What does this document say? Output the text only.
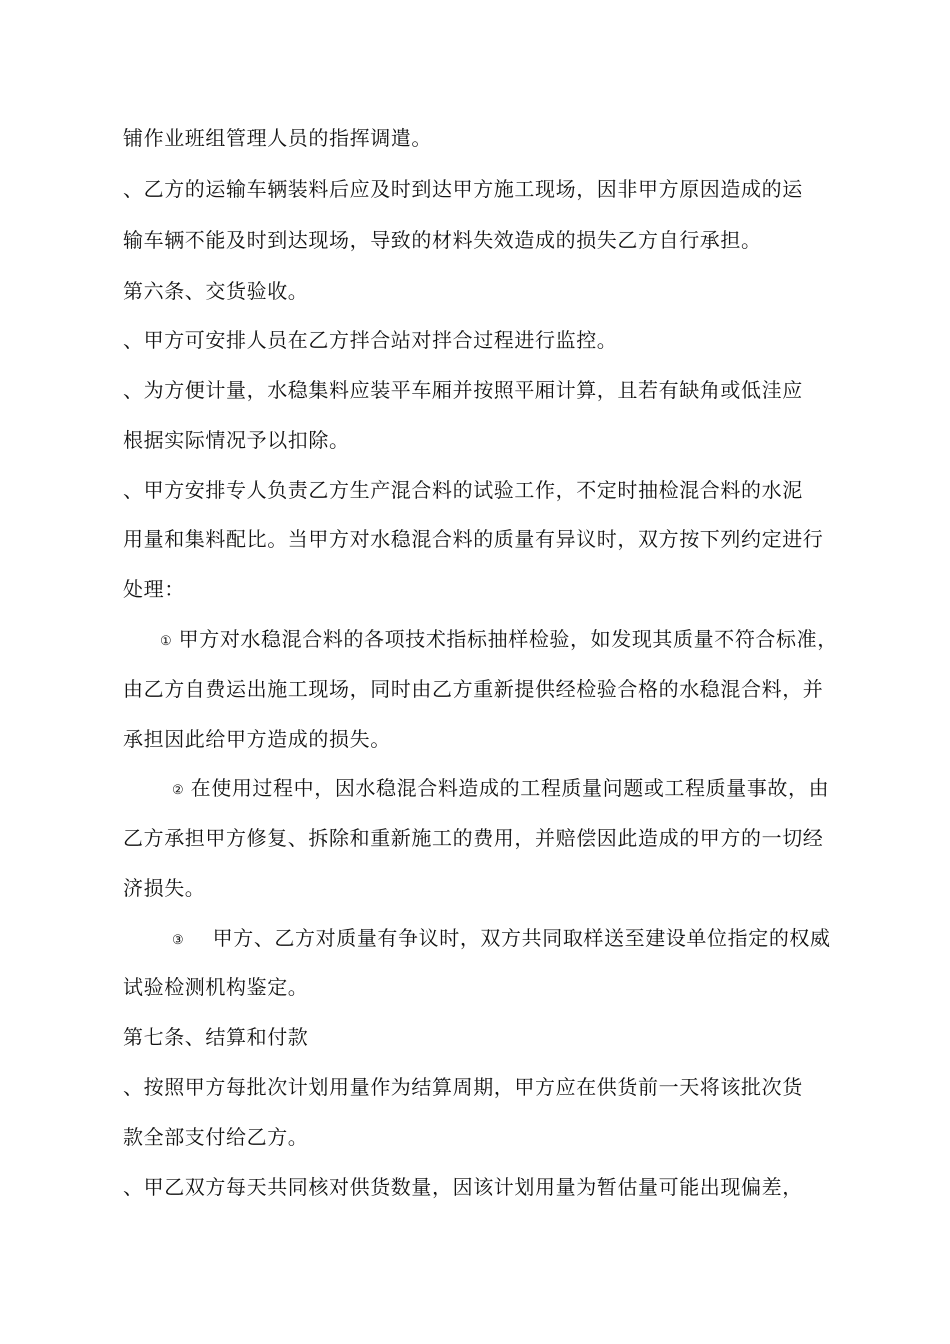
铺作业班组管理人员的指挥调遣。
、乙方的运输车辆装料后应及时到达甲方施工现场，因非甲方原因造成的运
输车辆不能及时到达现场，导致的材料失效造成的损失乙方自行承担。
第六条、交货验收。
、甲方可安排人员在乙方拌合站对拌合过程进行监控。
、为方便计量，水稳集料应装平车厢并按照平厢计算，且若有缺角或低洼应
根据实际情况予以扣除。
、甲方安排专人负责乙方生产混合料的试验工作，不定时抽检混合料的水泥
用量和集料配比。当甲方对水稳混合料的质量有异议时，双方按下列约定进行
处理：
① 甲方对水稳混合料的各项技术指标抽样检验，如发现其质量不符合标准，
由乙方自费运出施工现场，同时由乙方重新提供经检验合格的水稳混合料，并
承担因此给甲方造成的损失。
② 在使用过程中，因水稳混合料造成的工程质量问题或工程质量事故，由
乙方承担甲方修复、拆除和重新施工的费用，并赔偿因此造成的甲方的一切经
济损失。
③ 甲方、乙方对质量有争议时，双方共同取样送至建设单位指定的权威
试验检测机构鉴定。
第七条、结算和付款
、按照甲方每批次计划用量作为结算周期，甲方应在供货前一天将该批次货
款全部支付给乙方。
、甲乙双方每天共同核对供货数量，因该计划用量为暂估量可能出现偏差，
